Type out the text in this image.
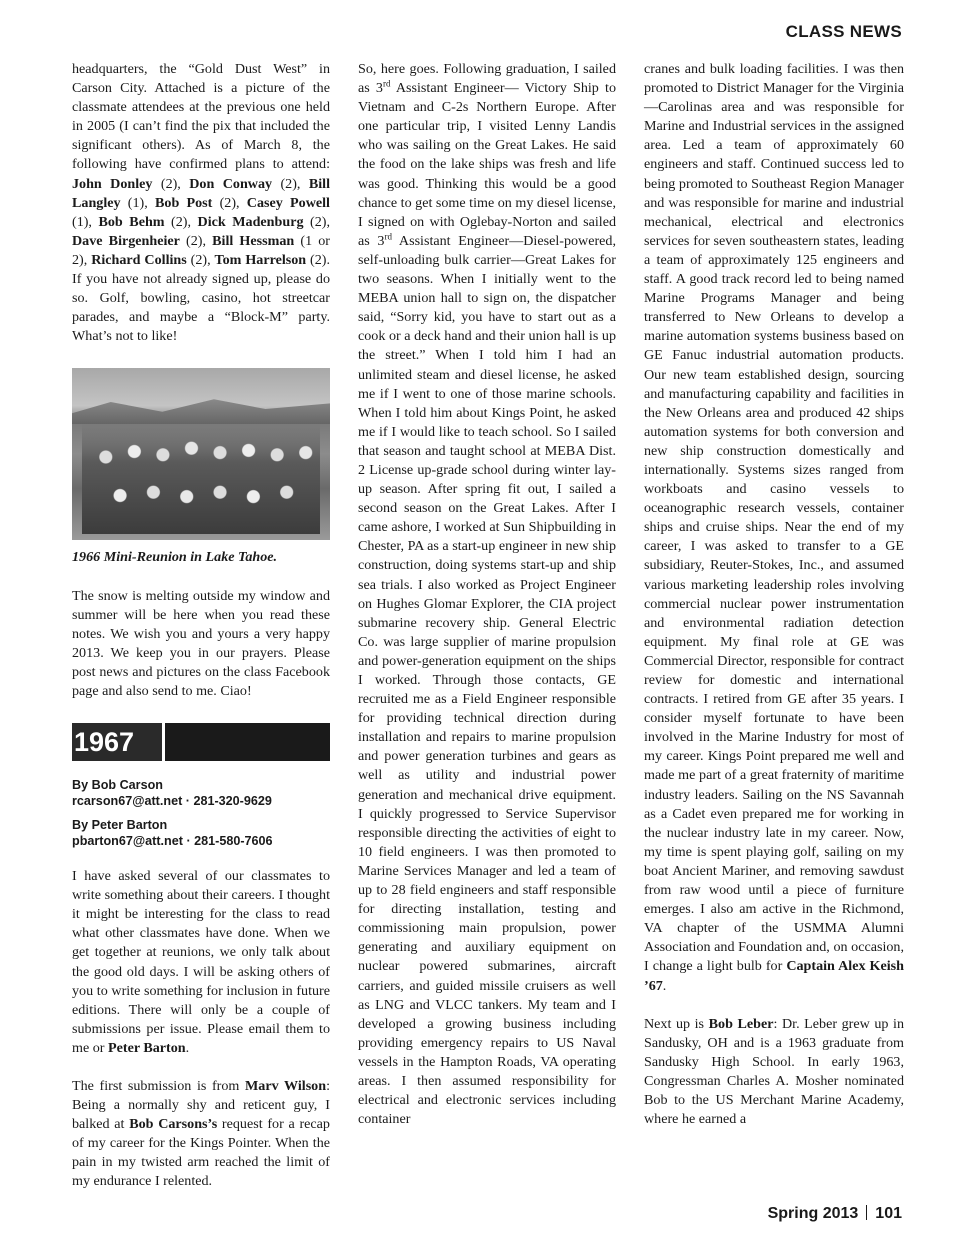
CLASS NEWS

headquarters, the “Gold Dust West” in Carson City. Attached is a picture of the classmate attendees at the previous one held in 2005 (I can’t find the pix that included the significant others). As of March 8, the following have confirmed plans to attend: John Donley (2), Don Conway (2), Bill Langley (1), Bob Post (2), Casey Powell (1), Bob Behm (2), Dick Madenburg (2), Dave Birgenheier (2), Bill Hessman (1 or 2), Richard Collins (2), Tom Harrelson (2). If you have not already signed up, please do so. Golf, bowling, casino, hot streetcar parades, and maybe a “Block-M” party. What’s not to like!

1966 Mini-Reunion in Lake Tahoe.

The snow is melting outside my window and summer will be here when you read these notes. We wish you and yours a very happy 2013. We keep you in our prayers. Please post news and pictures on the class Facebook page and also send to me. Ciao!

1967
By Bob Carson
rcarson67@att.net · 281-320-9629
By Peter Barton
pbarton67@att.net · 281-580-7606

I have asked several of our classmates to write something about their careers. I thought it might be interesting for the class to read what other classmates have done. When we get together at reunions, we only talk about the good old days. I will be asking others of you to write something for inclusion in future editions. There will only be a couple of submissions per issue. Please email them to me or Peter Barton.

The first submission is from Marv Wilson: Being a normally shy and reticent guy, I balked at Bob Carsons’s request for a recap of my career for the Kings Pointer. When the pain in my twisted arm reached the limit of my endurance I relented.

So, here goes. Following graduation, I sailed as 3rd Assistant Engineer— Victory Ship to Vietnam and C-2s Northern Europe. After one particular trip, I visited Lenny Landis who was sailing on the Great Lakes. He said the food on the lake ships was fresh and life was good. Thinking this would be a good chance to get some time on my diesel license, I signed on with Oglebay-Norton and sailed as 3rd Assistant Engineer—Diesel-powered, self-unloading bulk carrier—Great Lakes for two seasons. When I initially went to the MEBA union hall to sign on, the dispatcher said, “Sorry kid, you have to start out as a cook or a deck hand and their union hall is up the street.” When I told him I had an unlimited steam and diesel license, he asked me if I went to one of those marine schools. When I told him about Kings Point, he asked me if I would like to teach school. So I sailed that season and taught school at MEBA Dist. 2 License up-grade school during winter lay-up season. After spring fit out, I sailed a second season on the Great Lakes. After I came ashore, I worked at Sun Shipbuilding in Chester, PA as a start-up engineer in new ship construction, doing systems start-up and ship sea trials. I also worked as Project Engineer on Hughes Glomar Explorer, the CIA project submarine recovery ship. General Electric Co. was large supplier of marine propulsion and power-generation equipment on the ships I worked. Through those contacts, GE recruited me as a Field Engineer responsible for providing technical direction during installation and repairs to marine propulsion and power generation turbines and gears as well as utility and industrial power generation and mechanical drive equipment. I quickly progressed to Service Supervisor responsible directing the activities of eight to 10 field engineers. I was then promoted to Marine Services Manager and led a team of up to 28 field engineers and staff responsible for directing installation, testing and commissioning main propulsion, power generating and auxiliary equipment on nuclear powered submarines, aircraft carriers, and guided missile cruisers as well as LNG and VLCC tankers. My team and I developed a growing business including providing emergency repairs to US Naval vessels in the Hampton Roads, VA operating areas. I then assumed responsibility for electrical and electronic services including container

cranes and bulk loading facilities. I was then promoted to District Manager for the Virginia—Carolinas area and was responsible for Marine and Industrial services in the assigned area. Led a team of approximately 60 engineers and staff. Continued success led to being promoted to Southeast Region Manager and was responsible for marine and industrial mechanical, electrical and electronics services for seven southeastern states, leading a team of approximately 125 engineers and staff. A good track record led to being named Marine Programs Manager and being transferred to New Orleans to develop a marine automation systems business based on GE Fanuc industrial automation products. Our new team established design, sourcing and manufacturing capability and facilities in the New Orleans area and produced 42 ships automation systems for both conversion and new ship construction domestically and internationally. Systems sizes ranged from workboats and casino vessels to oceanographic research vessels, container ships and cruise ships. Near the end of my career, I was asked to transfer to a GE subsidiary, Reuter-Stokes, Inc., and assumed various marketing leadership roles involving commercial nuclear power instrumentation and environmental radiation detection equipment. My final role at GE was Commercial Director, responsible for contract review for domestic and international contracts. I retired from GE after 35 years. I consider myself fortunate to have been involved in the Marine Industry for most of my career. Kings Point prepared me well and made me part of a great fraternity of maritime industry leaders. Sailing on the NS Savannah as a Cadet even prepared me for working in the nuclear industry late in my career. Now, my time is spent playing golf, sailing on my boat Ancient Mariner, and removing sawdust from raw wood until a piece of furniture emerges. I also am active in the Richmond, VA chapter of the USMMA Alumni Association and Foundation and, on occasion, I change a light bulb for Captain Alex Keish ’67.

Next up is Bob Leber: Dr. Leber grew up in Sandusky, OH and is a 1963 graduate from Sandusky High School. In early 1963, Congressman Charles A. Mosher nominated Bob to the US Merchant Marine Academy, where he earned a

Spring 2013 101
